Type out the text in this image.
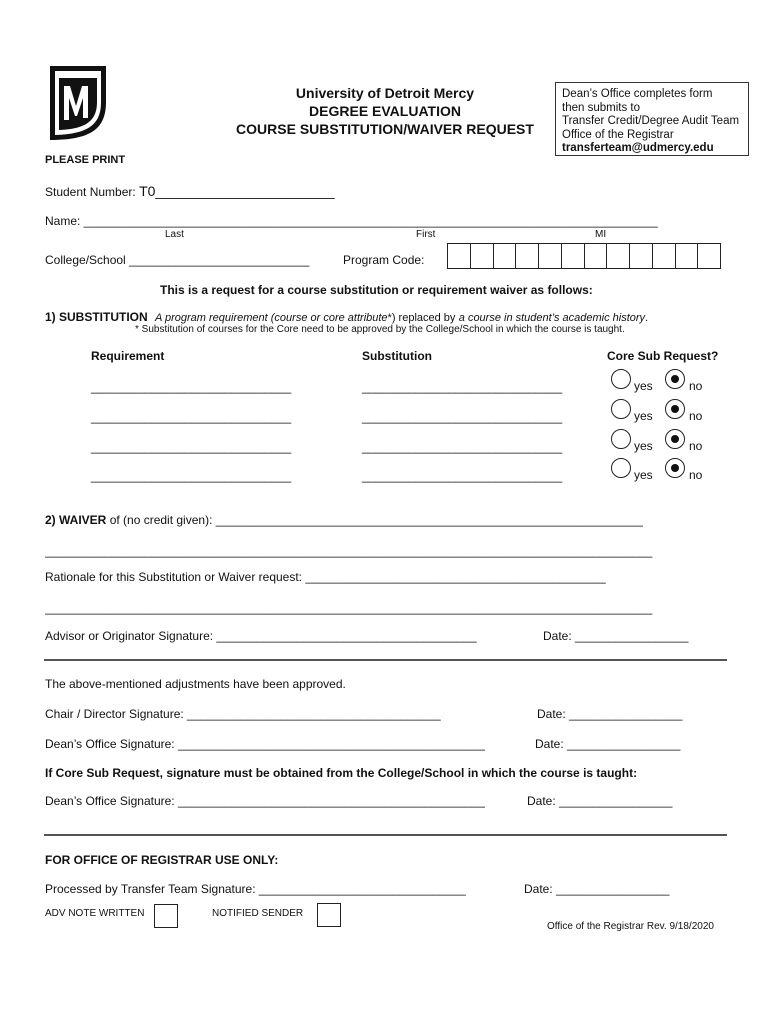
University of Detroit Mercy
DEGREE EVALUATION
COURSE SUBSTITUTION/WAIVER REQUEST
Dean’s Office completes form
then submits to
Transfer Credit/Degree Audit Team
Office of the Registrar
transferteam@udmercy.edu
PLEASE PRINT
Student Number: T0_______________________
Name: ______________________________________________________________________________________
Last	First	MI
College/School ___________________________	Program Code:
This is a request for a course substitution or requirement waiver as follows:
1) SUBSTITUTION A program requirement (course or core attribute*) replaced by a course in student’s academic history.
* Substitution of courses for the Core need to be approved by the College/School in which the course is taught.
Requirement	Substitution	Core Sub Request?
______________________________	______________________________	yes	no
______________________________	______________________________	yes	no
______________________________	______________________________	yes	no
______________________________	______________________________	yes	no
2) WAIVER of (no credit given): ________________________________________________________________
___________________________________________________________________________________________
Rationale for this Substitution or Waiver request: _____________________________________________
___________________________________________________________________________________________
Advisor or Originator Signature: _______________________________________	Date: _________________
The above-mentioned adjustments have been approved.
Chair / Director Signature: ______________________________________	Date: _________________
Dean’s Office Signature: ______________________________________________	Date: _________________
If Core Sub Request, signature must be obtained from the College/School in which the course is taught:
Dean’s Office Signature: ______________________________________________	Date: _________________
FOR OFFICE OF REGISTRAR USE ONLY:
Processed by Transfer Team Signature: _______________________________	Date: _________________
ADV NOTE WRITTEN	NOTIFIED SENDER
Office of the Registrar Rev. 9/18/2020
